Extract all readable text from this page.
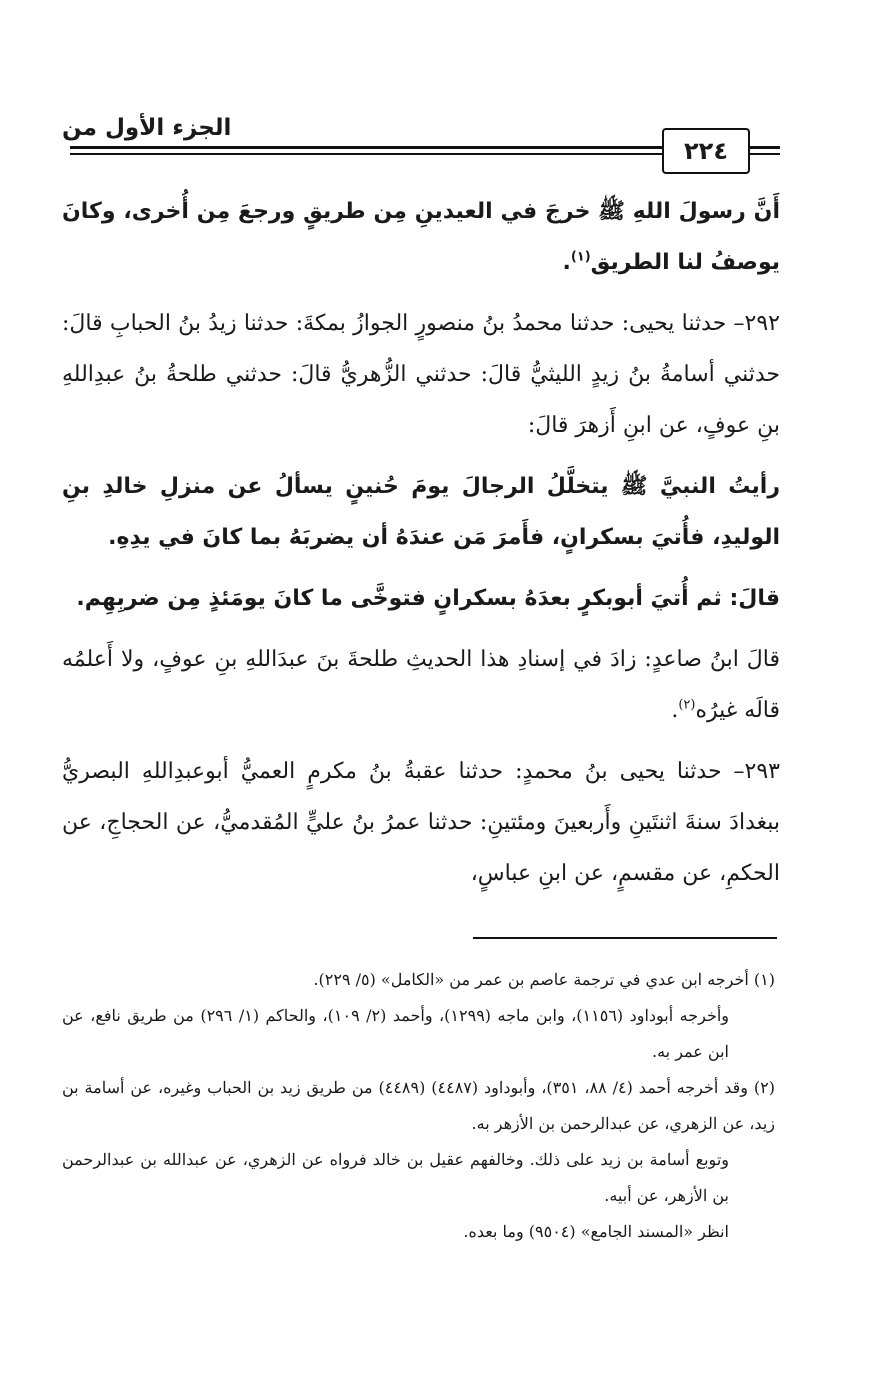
الجزء الأول من
٢٢٤

أَنَّ رسولَ اللهِ ﷺ خرجَ في العيدينِ مِن طريقٍ ورجعَ مِن أُخرى، وكانَ يوصفُ لنا الطريق$^{(١)}$.

٢٩٢– حدثنا يحيى: حدثنا محمدُ بنُ منصورٍ الجوازُ بمكةَ: حدثنا زيدُ بنُ الحبابِ قالَ: حدثني أسامةُ بنُ زيدٍ الليثيُّ قالَ: حدثني الزُّهريُّ قالَ: حدثني طلحةُ بنُ عبدِاللهِ بنِ عوفٍ، عن ابنِ أَزهرَ قالَ:

رأيتُ النبيَّ ﷺ يتخلَّلُ الرجالَ يومَ حُنينٍ يسألُ عن منزلِ خالدِ بنِ الوليدِ، فأُتيَ بسكرانٍ، فأَمرَ مَن عندَهُ أن يضربَهُ بما كانَ في يدِهِ.

قالَ: ثم أُتيَ أبوبكرٍ بعدَهُ بسكرانٍ فتوخَّى ما كانَ يومَئذٍ مِن ضربِهِم.

قالَ ابنُ صاعدٍ: زادَ في إسنادِ هذا الحديثِ طلحةَ بنَ عبدَاللهِ بنِ عوفٍ، ولا أَعلمُه قالَه غيرُه$^{(٢)}$.

٢٩٣– حدثنا يحيى بنُ محمدٍ: حدثنا عقبةُ بنُ مكرمٍ العميُّ أبوعبدِاللهِ البصريُّ ببغدادَ سنةَ اثنتَينِ وأَربعينَ ومئتينِ: حدثنا عمرُ بنُ عليٍّ المُقدميُّ، عن الحجاجِ، عن الحكمِ، عن مقسمٍ، عن ابنِ عباسٍ،

(١) أخرجه ابن عدي في ترجمة عاصم بن عمر من «الكامل» (٥/ ٢٢٩).

وأخرجه أبوداود (١١٥٦)، وابن ماجه (١٢٩٩)، وأحمد (٢/ ١٠٩)، والحاكم (١/ ٢٩٦) من طريق نافع، عن ابن عمر به.

(٢) وقد أخرجه أحمد (٤/ ٨٨، ٣٥١)، وأبوداود (٤٤٨٧) (٤٤٨٩) من طريق زيد بن الحباب وغيره، عن أسامة بن زيد، عن الزهري، عن عبدالرحمن بن الأزهر به.

وتوبع أسامة بن زيد على ذلك. وخالفهم عقيل بن خالد فرواه عن الزهري، عن عبدالله بن عبدالرحمن بن الأزهر، عن أبيه.

انظر «المسند الجامع» (٩٥٠٤) وما بعده.
